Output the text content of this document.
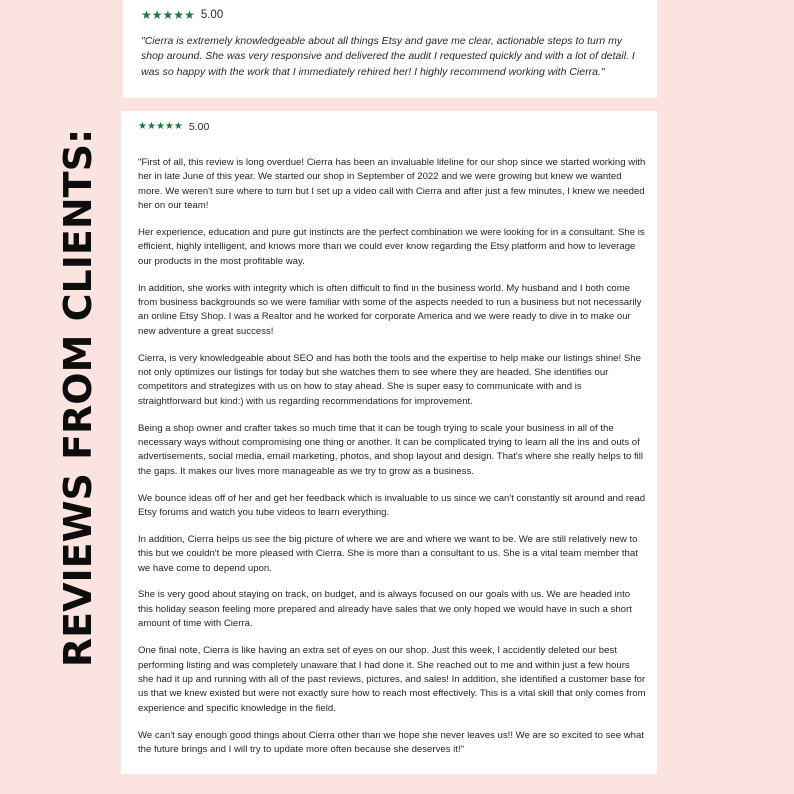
REVIEWS FROM CLIENTS:
★ ★ ★ ★ ★ 5.00

"Cierra is extremely knowledgeable about all things Etsy and gave me clear, actionable steps to turn my shop around. She was very responsive and delivered the audit I requested quickly and with a lot of detail. I was so happy with the work that I immediately rehired her! I highly recommend working with Cierra."

★ ★ ★ ★ ★ 5.00

"First of all, this review is long overdue! Cierra has been an invaluable lifeline for our shop since we started working with her in late June of this year. We started our shop in September of 2022 and we were growing but knew we wanted more. We weren't sure where to turn but I set up a video call with Cierra and after just a few minutes, I knew we needed her on our team!

Her experience, education and pure gut instincts are the perfect combination we were looking for in a consultant. She is efficient, highly intelligent, and knows more than we could ever know regarding the Etsy platform and how to leverage our products in the most profitable way.

In addition, she works with integrity which is often difficult to find in the business world. My husband and I both come from business backgrounds so we were familiar with some of the aspects needed to run a business but not necessarily an online Etsy Shop. I was a Realtor and he worked for corporate America and we were ready to dive in to make our new adventure a great success!

Cierra, is very knowledgeable about SEO and has both the tools and the expertise to help make our listings shine! She not only optimizes our listings for today but she watches them to see where they are headed. She identifies our competitors and strategizes with us on how to stay ahead. She is super easy to communicate with and is straightforward but kind:) with us regarding recommendations for improvement.

Being a shop owner and crafter takes so much time that it can be tough trying to scale your business in all of the necessary ways without compromising one thing or another. It can be complicated trying to learn all the ins and outs of advertisements, social media, email marketing, photos, and shop layout and design. That's where she really helps to fill the gaps. It makes our lives more manageable as we try to grow as a business.

We bounce ideas off of her and get her feedback which is invaluable to us since we can't constantly sit around and read Etsy forums and watch you tube videos to learn everything.

In addition, Cierra helps us see the big picture of where we are and where we want to be. We are still relatively new to this but we couldn't be more pleased with Cierra. She is more than a consultant to us. She is a vital team member that we have come to depend upon.

She is very good about staying on track, on budget, and is always focused on our goals with us. We are headed into this holiday season feeling more prepared and already have sales that we only hoped we would have in such a short amount of time with Cierra.

One final note, Cierra is like having an extra set of eyes on our shop. Just this week, I accidently deleted our best performing listing and was completely unaware that I had done it. She reached out to me and within just a few hours she had it up and running with all of the past reviews, pictures, and sales! In addition, she identified a customer base for us that we knew existed but were not exactly sure how to reach most effectively. This is a vital skill that only comes from experience and specific knowledge in the field.

We can't say enough good things about Cierra other than we hope she never leaves us!! We are so excited to see what the future brings and I will try to update more often because she deserves it!"
